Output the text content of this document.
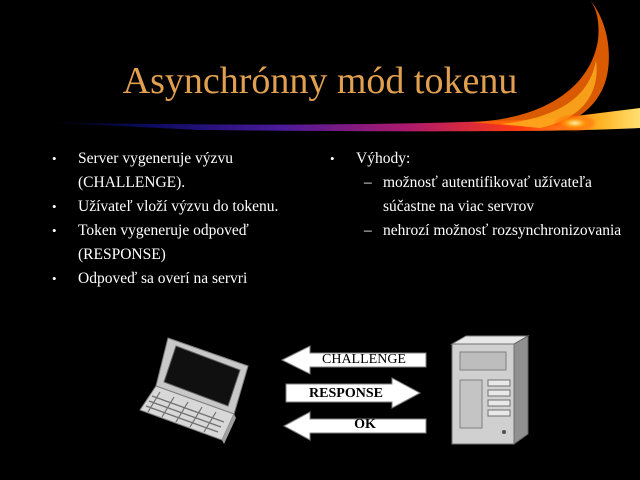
Asynchrónny mód tokenu
• Server vygeneruje výzvu (CHALLENGE).
• Užívateľ vloží výzvu do tokenu.
• Token vygeneruje odpoveď (RESPONSE)
• Odpoveď sa overí na servri
• Výhody:
– možnosť autentifikovať užívateľa súčastne na viac servrov
– nehrozí možnosť rozsynchronizovania
CHALLENGE
RESPONSE
OK
